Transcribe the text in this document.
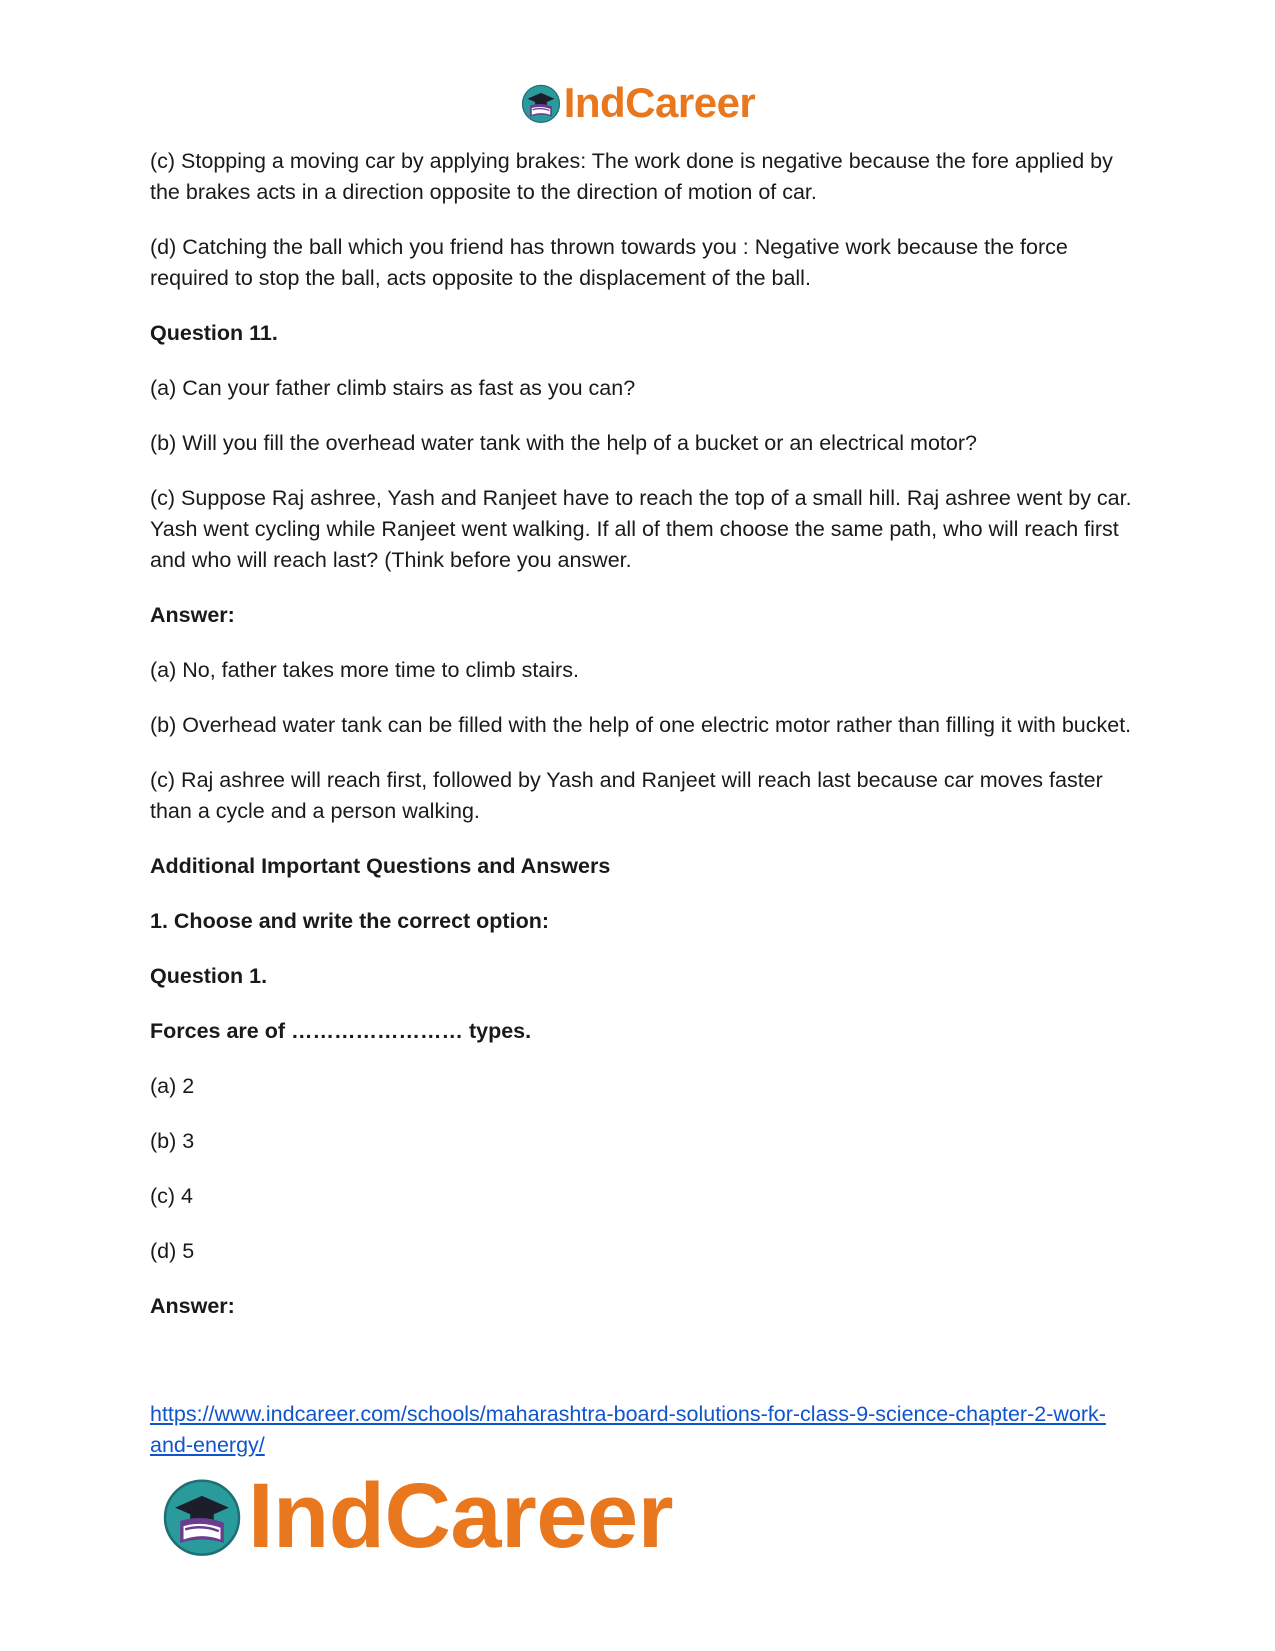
IndCareer

(c) Stopping a moving car by applying brakes: The work done is negative because the fore applied by the brakes acts in a direction opposite to the direction of motion of car.

(d) Catching the ball which you friend has thrown towards you : Negative work because the force required to stop the ball, acts opposite to the displacement of the ball.

Question 11.

(a) Can your father climb stairs as fast as you can?

(b) Will you fill the overhead water tank with the help of a bucket or an electrical motor?

(c) Suppose Raj ashree, Yash and Ranjeet have to reach the top of a small hill. Raj ashree went by car. Yash went cycling while Ranjeet went walking. If all of them choose the same path, who will reach first and who will reach last? (Think before you answer.

Answer:

(a) No, father takes more time to climb stairs.

(b) Overhead water tank can be filled with the help of one electric motor rather than filling it with bucket.

(c) Raj ashree will reach first, followed by Yash and Ranjeet will reach last because car moves faster than a cycle and a person walking.

Additional Important Questions and Answers

1. Choose and write the correct option:

Question 1.

Forces are of …………………… types.

(a) 2

(b) 3

(c) 4

(d) 5

Answer:

https://www.indcareer.com/schools/maharashtra-board-solutions-for-class-9-science-chapter-2-work-and-energy/
IndCareer
